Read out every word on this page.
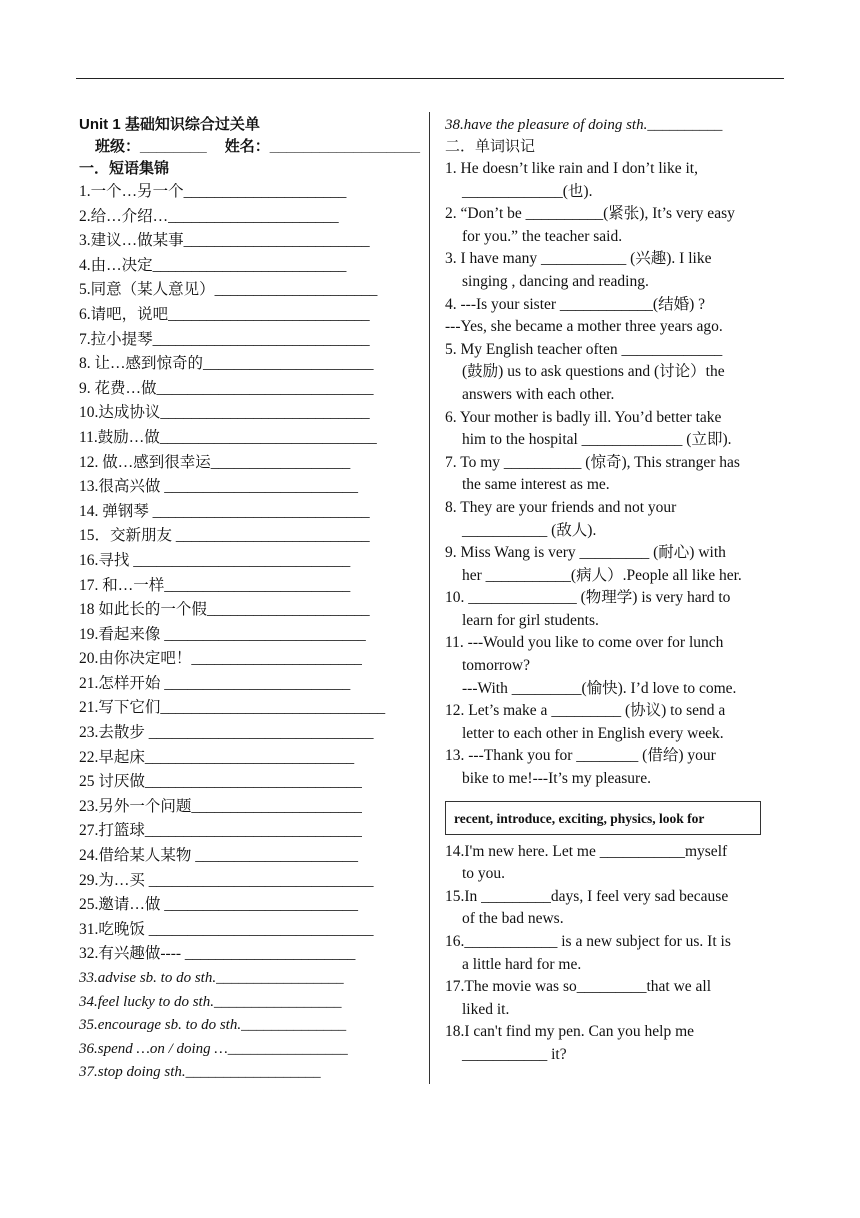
Unit 1 基础知识综合过关单
班级：________ 姓名：__________________
一．短语集锦
1.一个…另一个_____________________
2.给…介绍…______________________
3.建议…做某事________________________
4.由…决定_________________________
5.同意（某人意见）_____________________
6.请吧，说吧__________________________
7.拉小提琴____________________________
8. 让…感到惊奇的______________________
9. 花费…做____________________________
10.达成协议___________________________
11.鼓励…做____________________________
12. 做…感到很幸运__________________
13.很高兴做 _________________________
14. 弹钢琴 ____________________________
15．交新朋友 _________________________
16.寻找 ____________________________
17. 和…一样________________________
18 如此长的一个假_____________________
19.看起来像 __________________________
20.由你决定吧！______________________
21.怎样开始 ________________________
21.写下它们_____________________________
23.去散步 _____________________________
22.早起床___________________________
25 讨厌做____________________________
23.另外一个问题______________________
27.打篮球____________________________
24.借给某人某物 _____________________
29.为…买 _____________________________
25.邀请…做 _________________________
31.吃晚饭 _____________________________
32.有兴趣做---- ______________________
33.advise sb. to do sth._________________
34.feel lucky to do sth._________________
35.encourage sb. to do sth.______________
36.spend …on / doing …________________
37.stop doing sth.__________________
38.have the pleasure of doing sth.__________
二．单词识记
1. He doesn’t like rain and I don’t like it,
_____________(也).
2. “Don’t be __________(紧张), It’s very easy
for you.” the teacher said.
3. I have many ___________ (兴趣). I like
singing , dancing and reading.
4. ---Is your sister ____________(结婚) ?
---Yes, she became a mother three years ago.
5. My English teacher often _____________
(鼓励) us to ask questions and (讨论）the
answers with each other.
6. Your mother is badly ill. You’d better take
him to the hospital _____________ (立即).
7. To my __________ (惊奇), This stranger has
the same interest as me.
8. They are your friends and not your
___________ (敌人).
9. Miss Wang is very _________ (耐心) with
her ___________(病人）.People all like her.
10. ______________ (物理学) is very hard to
learn for girl students.
11. ---Would you like to come over for lunch
tomorrow?
---With _________(愉快). I’d love to come.
12. Let’s make a _________ (协议) to send a
letter to each other in English every week.
13. ---Thank you for ________ (借给) your
bike to me!---It’s my pleasure.
recent, introduce, exciting, physics, look for
14.I'm new here. Let me ___________myself
to you.
15.In _________days, I feel very sad because
of the bad news.
16.____________ is a new subject for us. It is
a little hard for me.
17.The movie was so_________that we all
liked it.
18.I can't find my pen. Can you help me
___________ it?
